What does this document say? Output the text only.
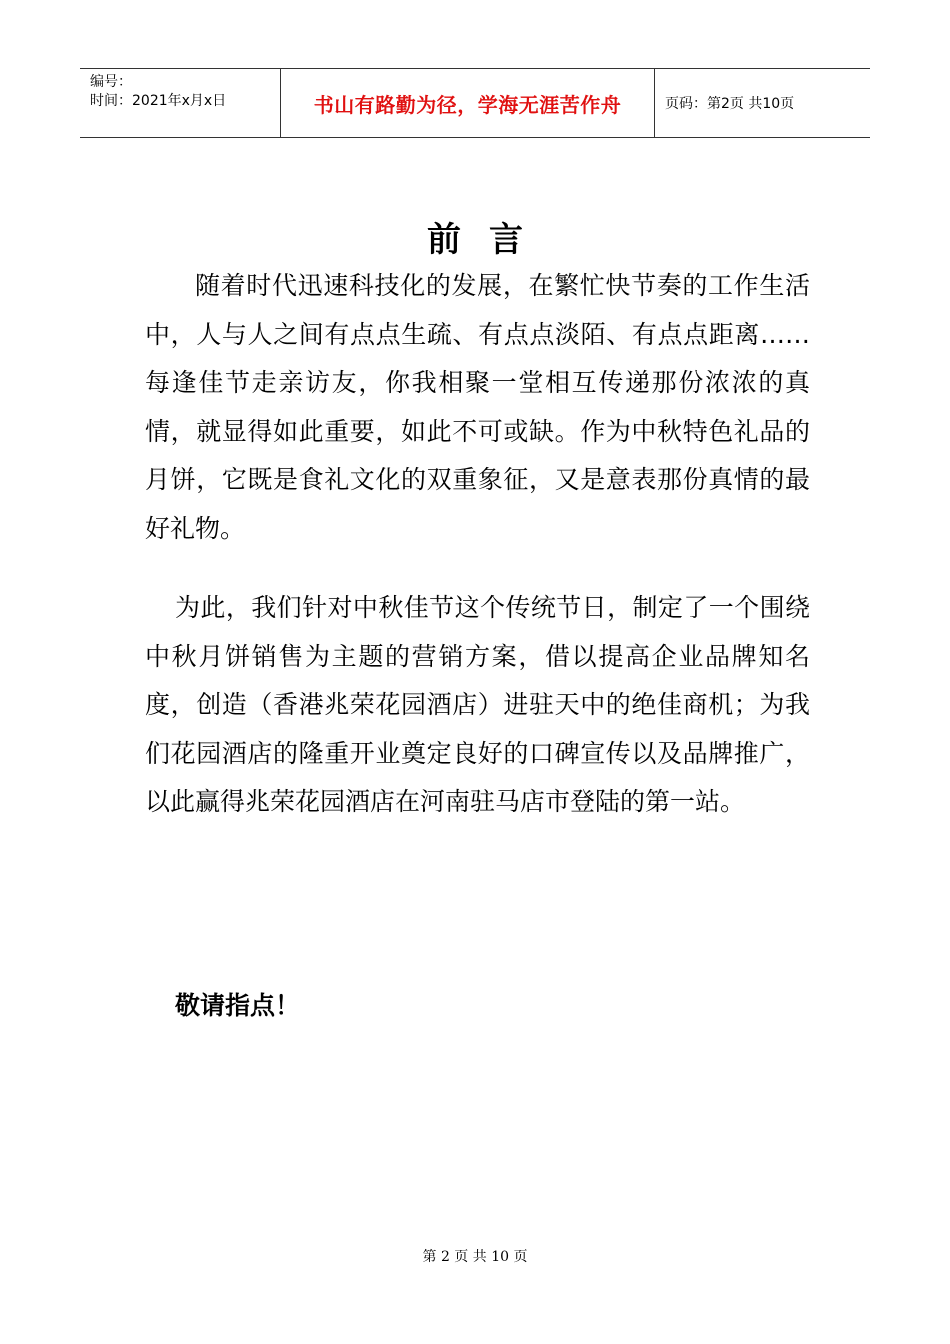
编号：
时间：2021年x月x日	书山有路勤为径，学海无涯苦作舟	页码：第2页 共10页
前言

随着时代迅速科技化的发展，在繁忙快节奏的工作生活中，人与人之间有点点生疏、有点点淡陌、有点点距离……每逢佳节走亲访友，你我相聚一堂相互传递那份浓浓的真情，就显得如此重要，如此不可或缺。作为中秋特色礼品的月饼，它既是食礼文化的双重象征，又是意表那份真情的最好礼物。

为此，我们针对中秋佳节这个传统节日，制定了一个围绕中秋月饼销售为主题的营销方案，借以提高企业品牌知名度，创造（香港兆荣花园酒店）进驻天中的绝佳商机；为我们花园酒店的隆重开业奠定良好的口碑宣传以及品牌推广，以此赢得兆荣花园酒店在河南驻马店市登陆的第一站。

敬请指点！
第 2 页 共 10 页
